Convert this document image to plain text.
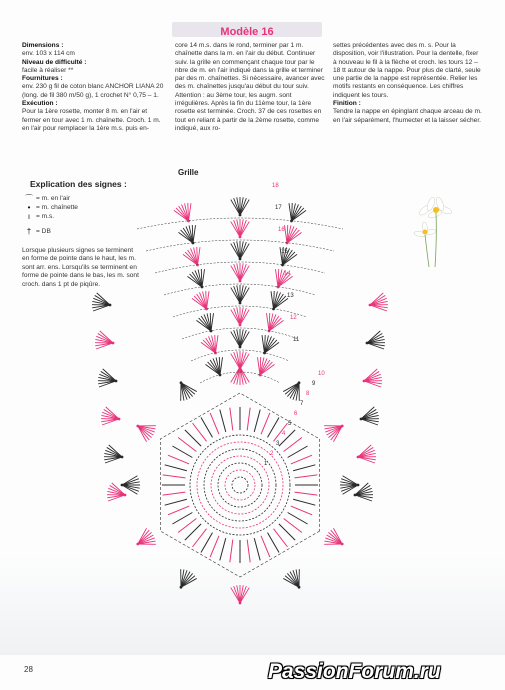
Modèle 16

Dimensions :

env. 103 x 114 cm

Niveau de difficulté :

facile à réaliser **

Fournitures :

env. 230 g fil de coton blanc ANCHOR LIANA 20 (long. de fil 380 m/50 g), 1 crochet N° 0,75 – 1.

Exécution :

Pour la 1ère rosette, monter 8 m. en l'air et fermer en tour avec 1 m. chaînette. Croch. 1 m. en l'air pour remplacer la 1ère m.s. puis en-

core 14 m.s. dans le rond, terminer par 1 m. chaînette dans la m. en l'air du début. Continuer suiv. la grille en commençant chaque tour par le nbre de m. en l'air indiqué dans la grille et terminer par des m. chaînettes. Si nécessaire, avancer avec des m. chaînettes jusqu'au début du tour suiv. Attention : au 3ème tour, les augm. sont irrégulières. Après la fin du 11ème tour, la 1ère rosette est terminée. Croch. 37 de ces rosettes en tout en reliant à partir de la 2ème rosette, comme indiqué, aux ro-

settes précédentes avec des m. s. Pour la disposition, voir l'illustration. Pour la dentelle, fixer à nouveau le fil à la flèche et croch. les tours 12 – 18 tt autour de la nappe. Pour plus de clarté, seule une partie de la nappe est représentée. Relier les motifs restants en conséquence. Les chiffres indiquent les tours.

Finition :

Tendre la nappe en épinglant chaque arceau de m. en l'air séparément, l'humecter et la laisser sécher.

Explication des signes :
⌒ = m. en l'air
• = m. chaînette
ı = m.s.
† = DB

Lorsque plusieurs signes se terminent en forme de pointe dans le haut, les m. sont arr. ens. Lorsqu'ils se terminent en forme de pointe dans le bas, les m. sont croch. dans 1 pt de piqûre.

Grille
18
17
16
15
14
13
12
11
10
9
8
7
6
5
4
3
2
1
28	PassionForum.ru
